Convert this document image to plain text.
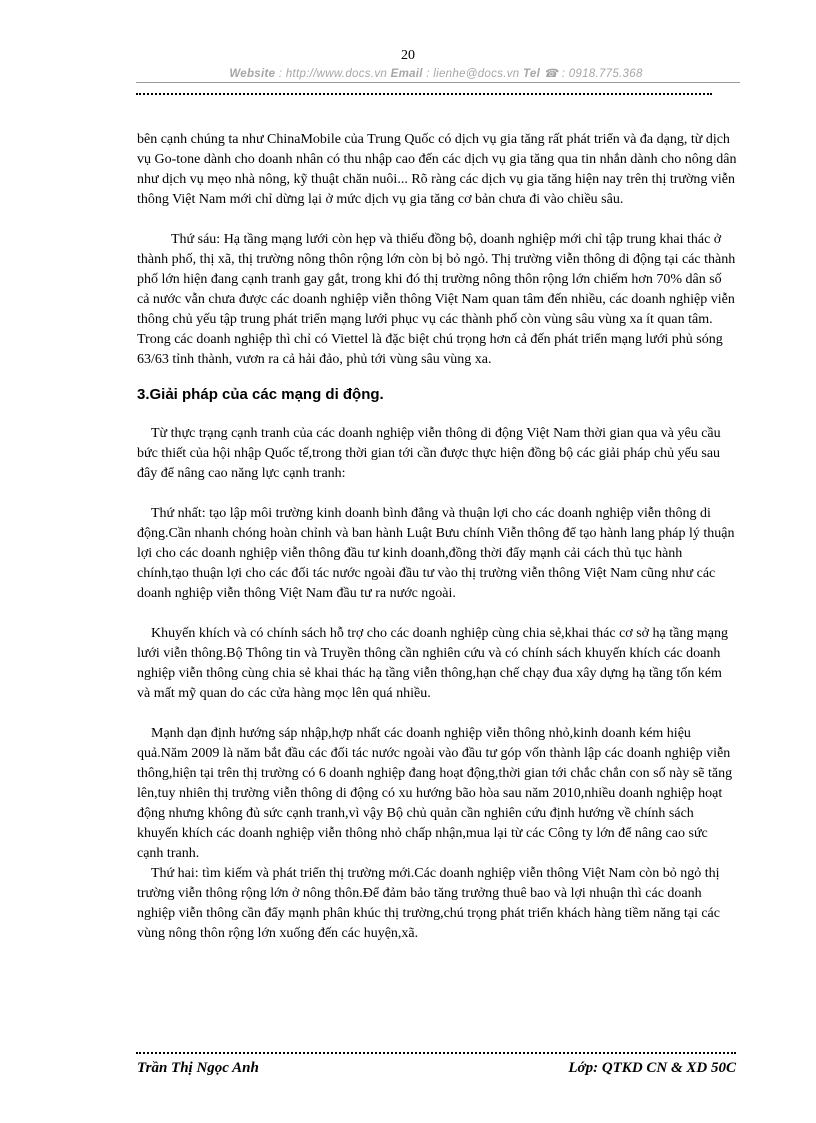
20
Website : http://www.docs.vn Email : lienhe@docs.vn Tel ☎ : 0918.775.368

bên cạnh chúng ta như ChinaMobile của Trung Quốc có dịch vụ gia tăng rất phát triển và đa dạng, từ dịch vụ Go-tone dành cho doanh nhân có thu nhập cao đến các dịch vụ gia tăng qua tin nhắn dành cho nông dân như dịch vụ mẹo nhà nông, kỹ thuật chăn nuôi... Rõ ràng các dịch vụ gia tăng hiện nay trên thị trường viễn thông Việt Nam mới chỉ dừng lại ở mức dịch vụ gia tăng cơ bản chưa đi vào chiều sâu.

Thứ sáu: Hạ tầng mạng lưới còn hẹp và thiếu đồng bộ, doanh nghiệp mới chỉ tập trung khai thác ở thành phố, thị xã, thị trường nông thôn rộng lớn còn bị bỏ ngỏ. Thị trường viễn thông di động tại các thành phố lớn hiện đang cạnh tranh gay gắt, trong khi đó thị trường nông thôn rộng lớn chiếm hơn 70% dân số cả nước vẫn chưa được các doanh nghiệp viễn thông Việt Nam quan tâm đến nhiều, các doanh nghiệp viễn thông chủ yếu tập trung phát triển mạng lưới phục vụ các thành phố còn vùng sâu vùng xa ít quan tâm. Trong các doanh nghiệp thì chỉ có Viettel là đặc biệt chú trọng hơn cả đến phát triển mạng lưới phủ sóng 63/63 tỉnh thành, vươn ra cả hải đảo, phủ tới vùng sâu vùng xa.

3.Giải pháp của các mạng di động.

Từ thực trạng cạnh tranh của các doanh nghiệp viễn thông di động Việt Nam thời gian qua và yêu cầu bức thiết của hội nhập Quốc tế,trong thời gian tới cần được thực hiện đồng bộ các giải pháp chủ yếu sau đây để nâng cao năng lực cạnh tranh:

Thứ nhất: tạo lập môi trường kinh doanh bình đẳng và thuận lợi cho các doanh nghiệp viễn thông di động.Cần nhanh chóng hoàn chỉnh và ban hành Luật Bưu chính Viễn thông để tạo hành lang pháp lý thuận lợi cho các doanh nghiệp viễn thông đầu tư kinh doanh,đồng thời đẩy mạnh cải cách thủ tục hành chính,tạo thuận lợi cho các đối tác nước ngoài đầu tư vào thị trường viễn thông Việt Nam cũng như các doanh nghiệp viễn thông Việt Nam đầu tư ra nước ngoài.

Khuyến khích và có chính sách hỗ trợ cho các doanh nghiệp cùng chia sẻ,khai thác cơ sở hạ tầng mạng lưới viễn thông.Bộ Thông tin và Truyền thông cần nghiên cứu và có chính sách khuyến khích các doanh nghiệp viễn thông cùng chia sẻ khai thác hạ tầng viễn thông,hạn chế chạy đua xây dựng hạ tầng tốn kém và mất mỹ quan do các cửa hàng mọc lên quá nhiều.

Mạnh dạn định hướng sáp nhập,hợp nhất các doanh nghiệp viễn thông nhỏ,kinh doanh kém hiệu quả.Năm 2009 là năm bắt đầu các đối tác nước ngoài vào đầu tư góp vốn thành lập các doanh nghiệp viễn thông,hiện tại trên thị trường có 6 doanh nghiệp đang hoạt động,thời gian tới chắc chắn con số này sẽ tăng lên,tuy nhiên thị trường viễn thông di động có xu hướng bão hòa sau năm 2010,nhiều doanh nghiệp hoạt động nhưng không đủ sức cạnh tranh,vì vậy Bộ chủ quản cần nghiên cứu định hướng về chính sách khuyến khích các doanh nghiệp viễn thông nhỏ chấp nhận,mua lại từ các Công ty lớn để nâng cao sức cạnh tranh.

Thứ hai: tìm kiếm và phát triển thị trường mới.Các doanh nghiệp viễn thông Việt Nam còn bỏ ngỏ thị trường viễn thông rộng lớn ở nông thôn.Để đảm bảo tăng trưởng thuê bao và lợi nhuận thì các doanh nghiệp viễn thông cần đẩy mạnh phân khúc thị trường,chú trọng phát triển khách hàng tiềm năng tại các vùng nông thôn rộng lớn xuống đến các huyện,xã.

Trần Thị Ngọc Anh	Lớp: QTKD CN & XD 50C
